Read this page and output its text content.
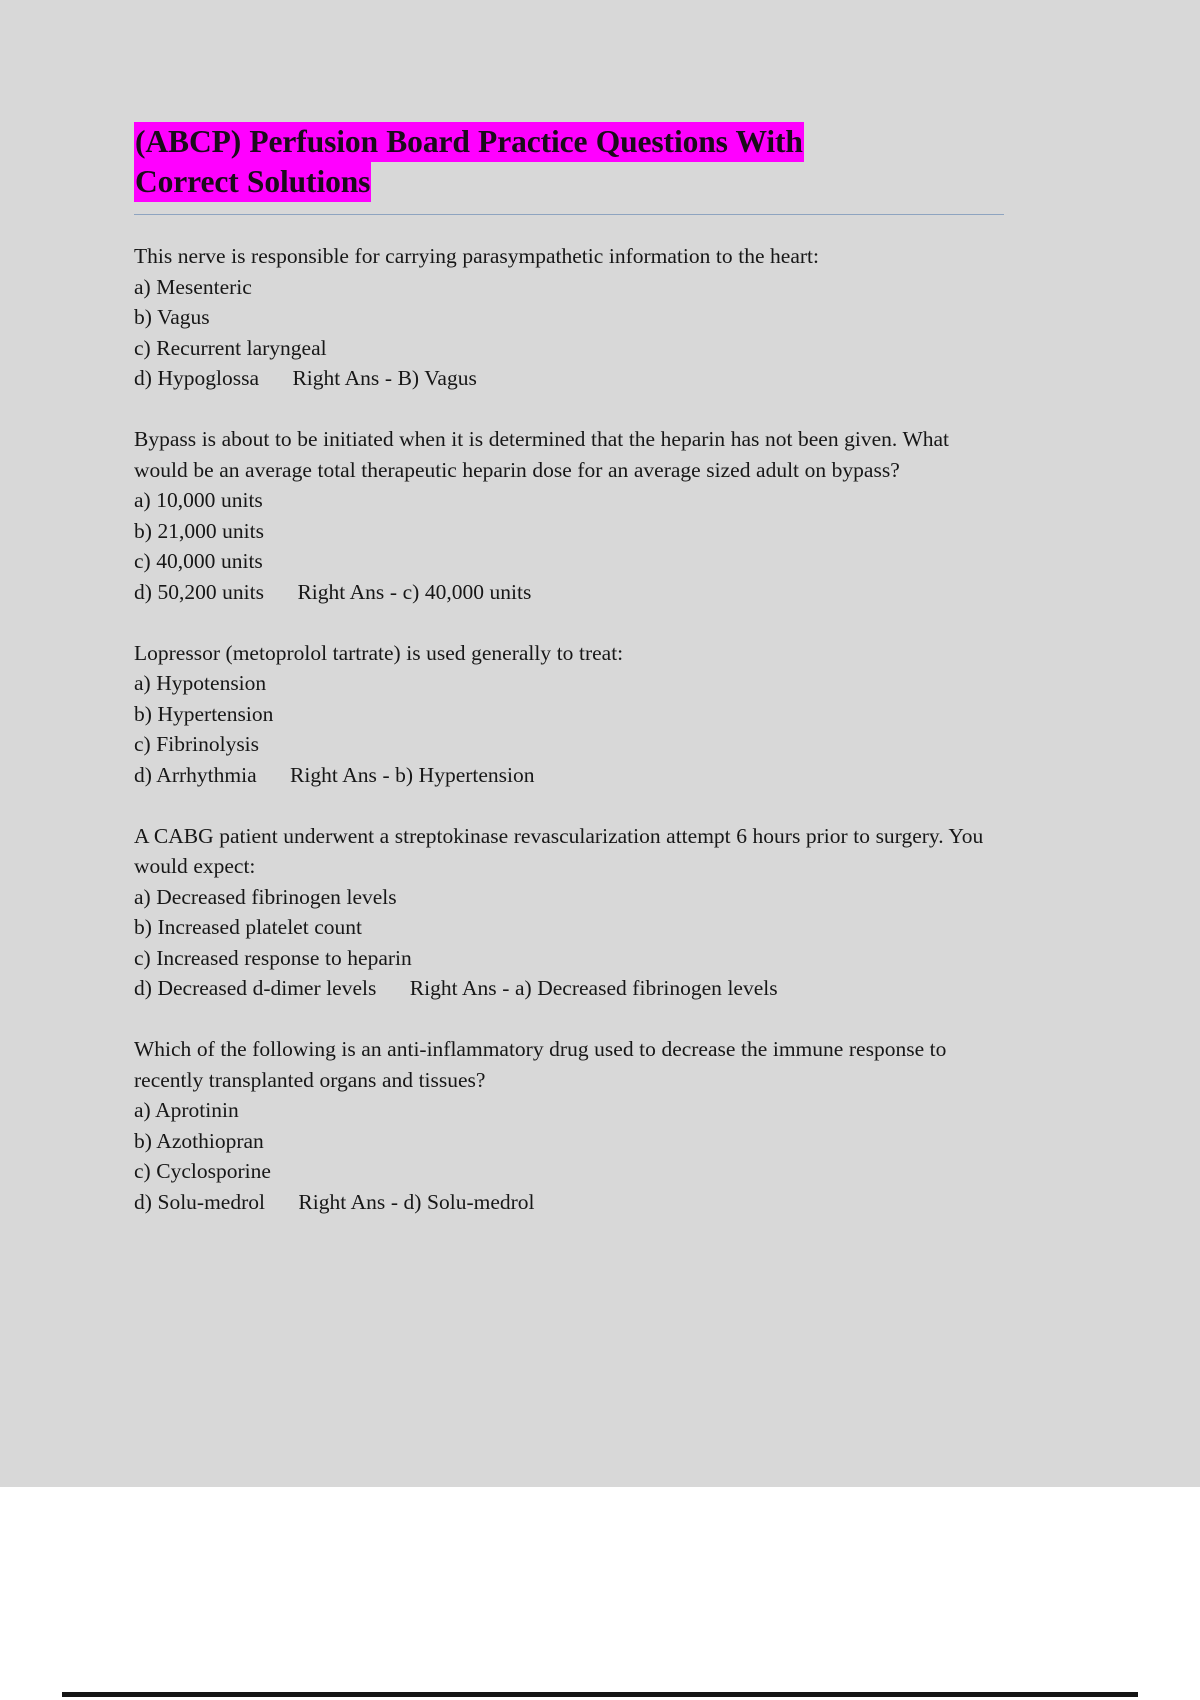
(ABCP) Perfusion Board Practice Questions With
Correct Solutions

This nerve is responsible for carrying parasympathetic information to the heart:

a) Mesenteric

b) Vagus

c) Recurrent laryngeal

d) Hypoglossa      Right Ans - B) Vagus

Bypass is about to be initiated when it is determined that the heparin has not been given. What would be an average total therapeutic heparin dose for an average sized adult on bypass?

a) 10,000 units

b) 21,000 units

c) 40,000 units

d) 50,200 units      Right Ans - c) 40,000 units

Lopressor (metoprolol tartrate) is used generally to treat:

a) Hypotension

b) Hypertension

c) Fibrinolysis

d) Arrhythmia      Right Ans - b) Hypertension

A CABG patient underwent a streptokinase revascularization attempt 6 hours prior to surgery. You would expect:

a) Decreased fibrinogen levels

b) Increased platelet count

c) Increased response to heparin

d) Decreased d-dimer levels      Right Ans - a) Decreased fibrinogen levels

Which of the following is an anti-inflammatory drug used to decrease the immune response to recently transplanted organs and tissues?

a) Aprotinin

b) Azothiopran

c) Cyclosporine

d) Solu-medrol      Right Ans - d) Solu-medrol
